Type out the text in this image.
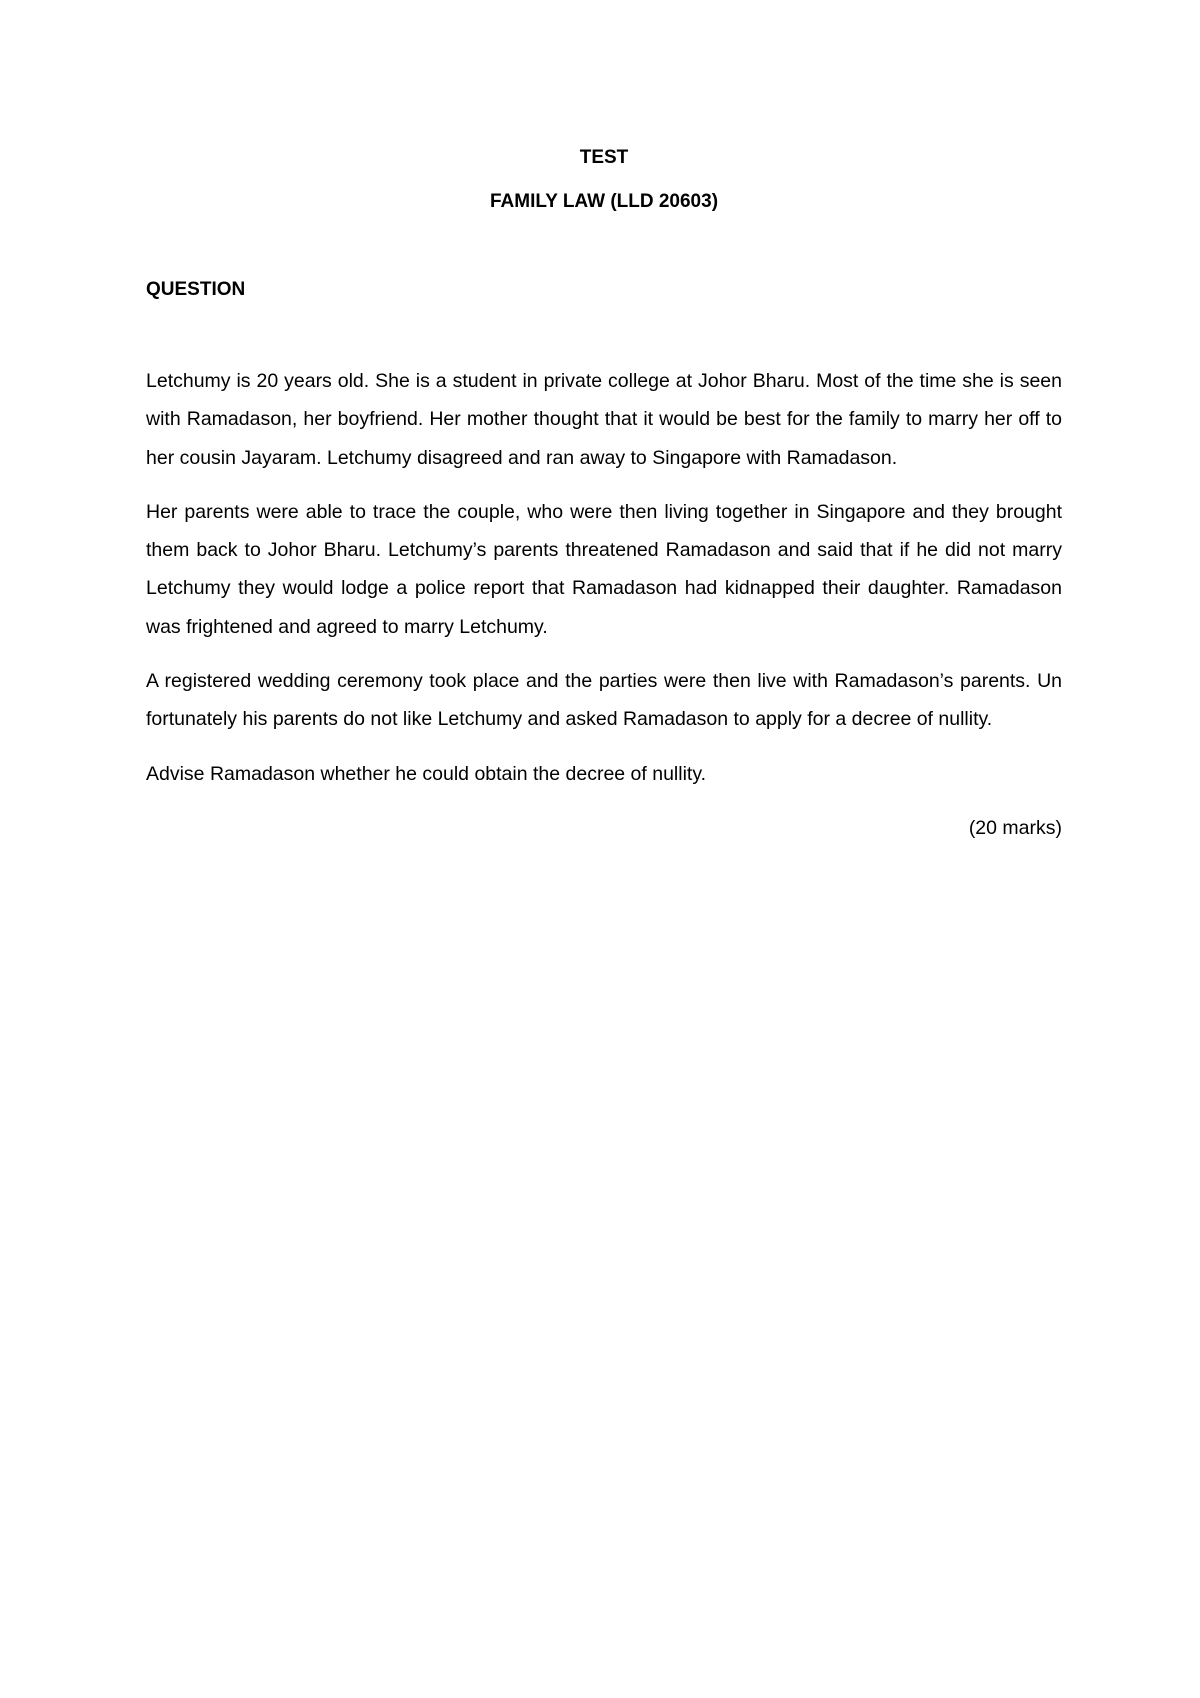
TEST
FAMILY LAW (LLD 20603)
QUESTION

Letchumy is 20 years old. She is a student in private college at Johor Bharu. Most of the time she is seen with Ramadason, her boyfriend. Her mother thought that it would be best for the family to marry her off to her cousin Jayaram. Letchumy disagreed and ran away to Singapore with Ramadason.

Her parents were able to trace the couple, who were then living together in Singapore and they brought them back to Johor Bharu. Letchumy’s parents threatened Ramadason and said that if he did not marry Letchumy they would lodge a police report that Ramadason had kidnapped their daughter. Ramadason was frightened and agreed to marry Letchumy.

A registered wedding ceremony took place and the parties were then live with Ramadason’s parents. Un fortunately his parents do not like Letchumy and asked Ramadason to apply for a decree of nullity.

Advise Ramadason whether he could obtain the decree of nullity.

(20 marks)
